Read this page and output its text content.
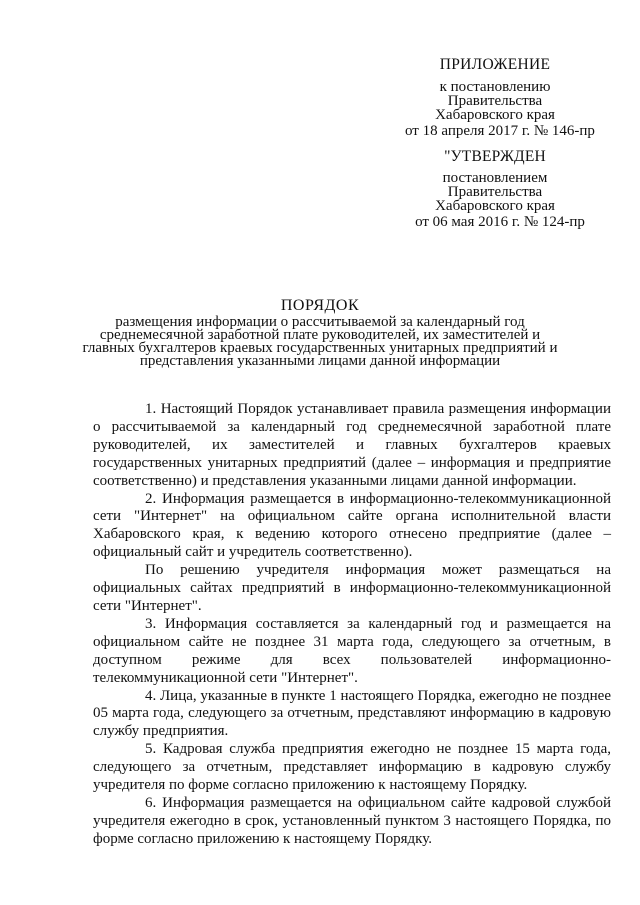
ПРИЛОЖЕНИЕ
к постановлению
Правительства
Хабаровского края
от 18 апреля 2017 г. № 146-пр
"УТВЕРЖДЕН
постановлением
Правительства
Хабаровского края
от 06 мая 2016 г. № 124-пр
ПОРЯДОК
размещения информации о рассчитываемой за календарный год
среднемесячной заработной плате руководителей, их заместителей и
главных бухгалтеров краевых государственных унитарных предприятий и
представления указанными лицами данной информации

1. Настоящий Порядок устанавливает правила размещения информации о рассчитываемой за календарный год среднемесячной заработной плате руководителей, их заместителей и главных бухгалтеров краевых государственных унитарных предприятий (далее – информация и предприятие соответственно) и представления указанными лицами данной информации.

2. Информация размещается в информационно-телекоммуникационной сети "Интернет" на официальном сайте органа исполнительной власти Хабаровского края, к ведению которого отнесено предприятие (далее – официальный сайт и учредитель соответственно).

По решению учредителя информация может размещаться на официальных сайтах предприятий в информационно-телекоммуникационной сети "Интернет".

3. Информация составляется за календарный год и размещается на официальном сайте не позднее 31 марта года, следующего за отчетным, в доступном режиме для всех пользователей информационно-телекоммуникационной сети "Интернет".

4. Лица, указанные в пункте 1 настоящего Порядка, ежегодно не позднее 05 марта года, следующего за отчетным, представляют информацию в кадровую службу предприятия.

5. Кадровая служба предприятия ежегодно не позднее 15 марта года, следующего за отчетным, представляет информацию в кадровую службу учредителя по форме согласно приложению к настоящему Порядку.

6. Информация размещается на официальном сайте кадровой службой учредителя ежегодно в срок, установленный пунктом 3 настоящего Порядка, по форме согласно приложению к настоящему Порядку.
